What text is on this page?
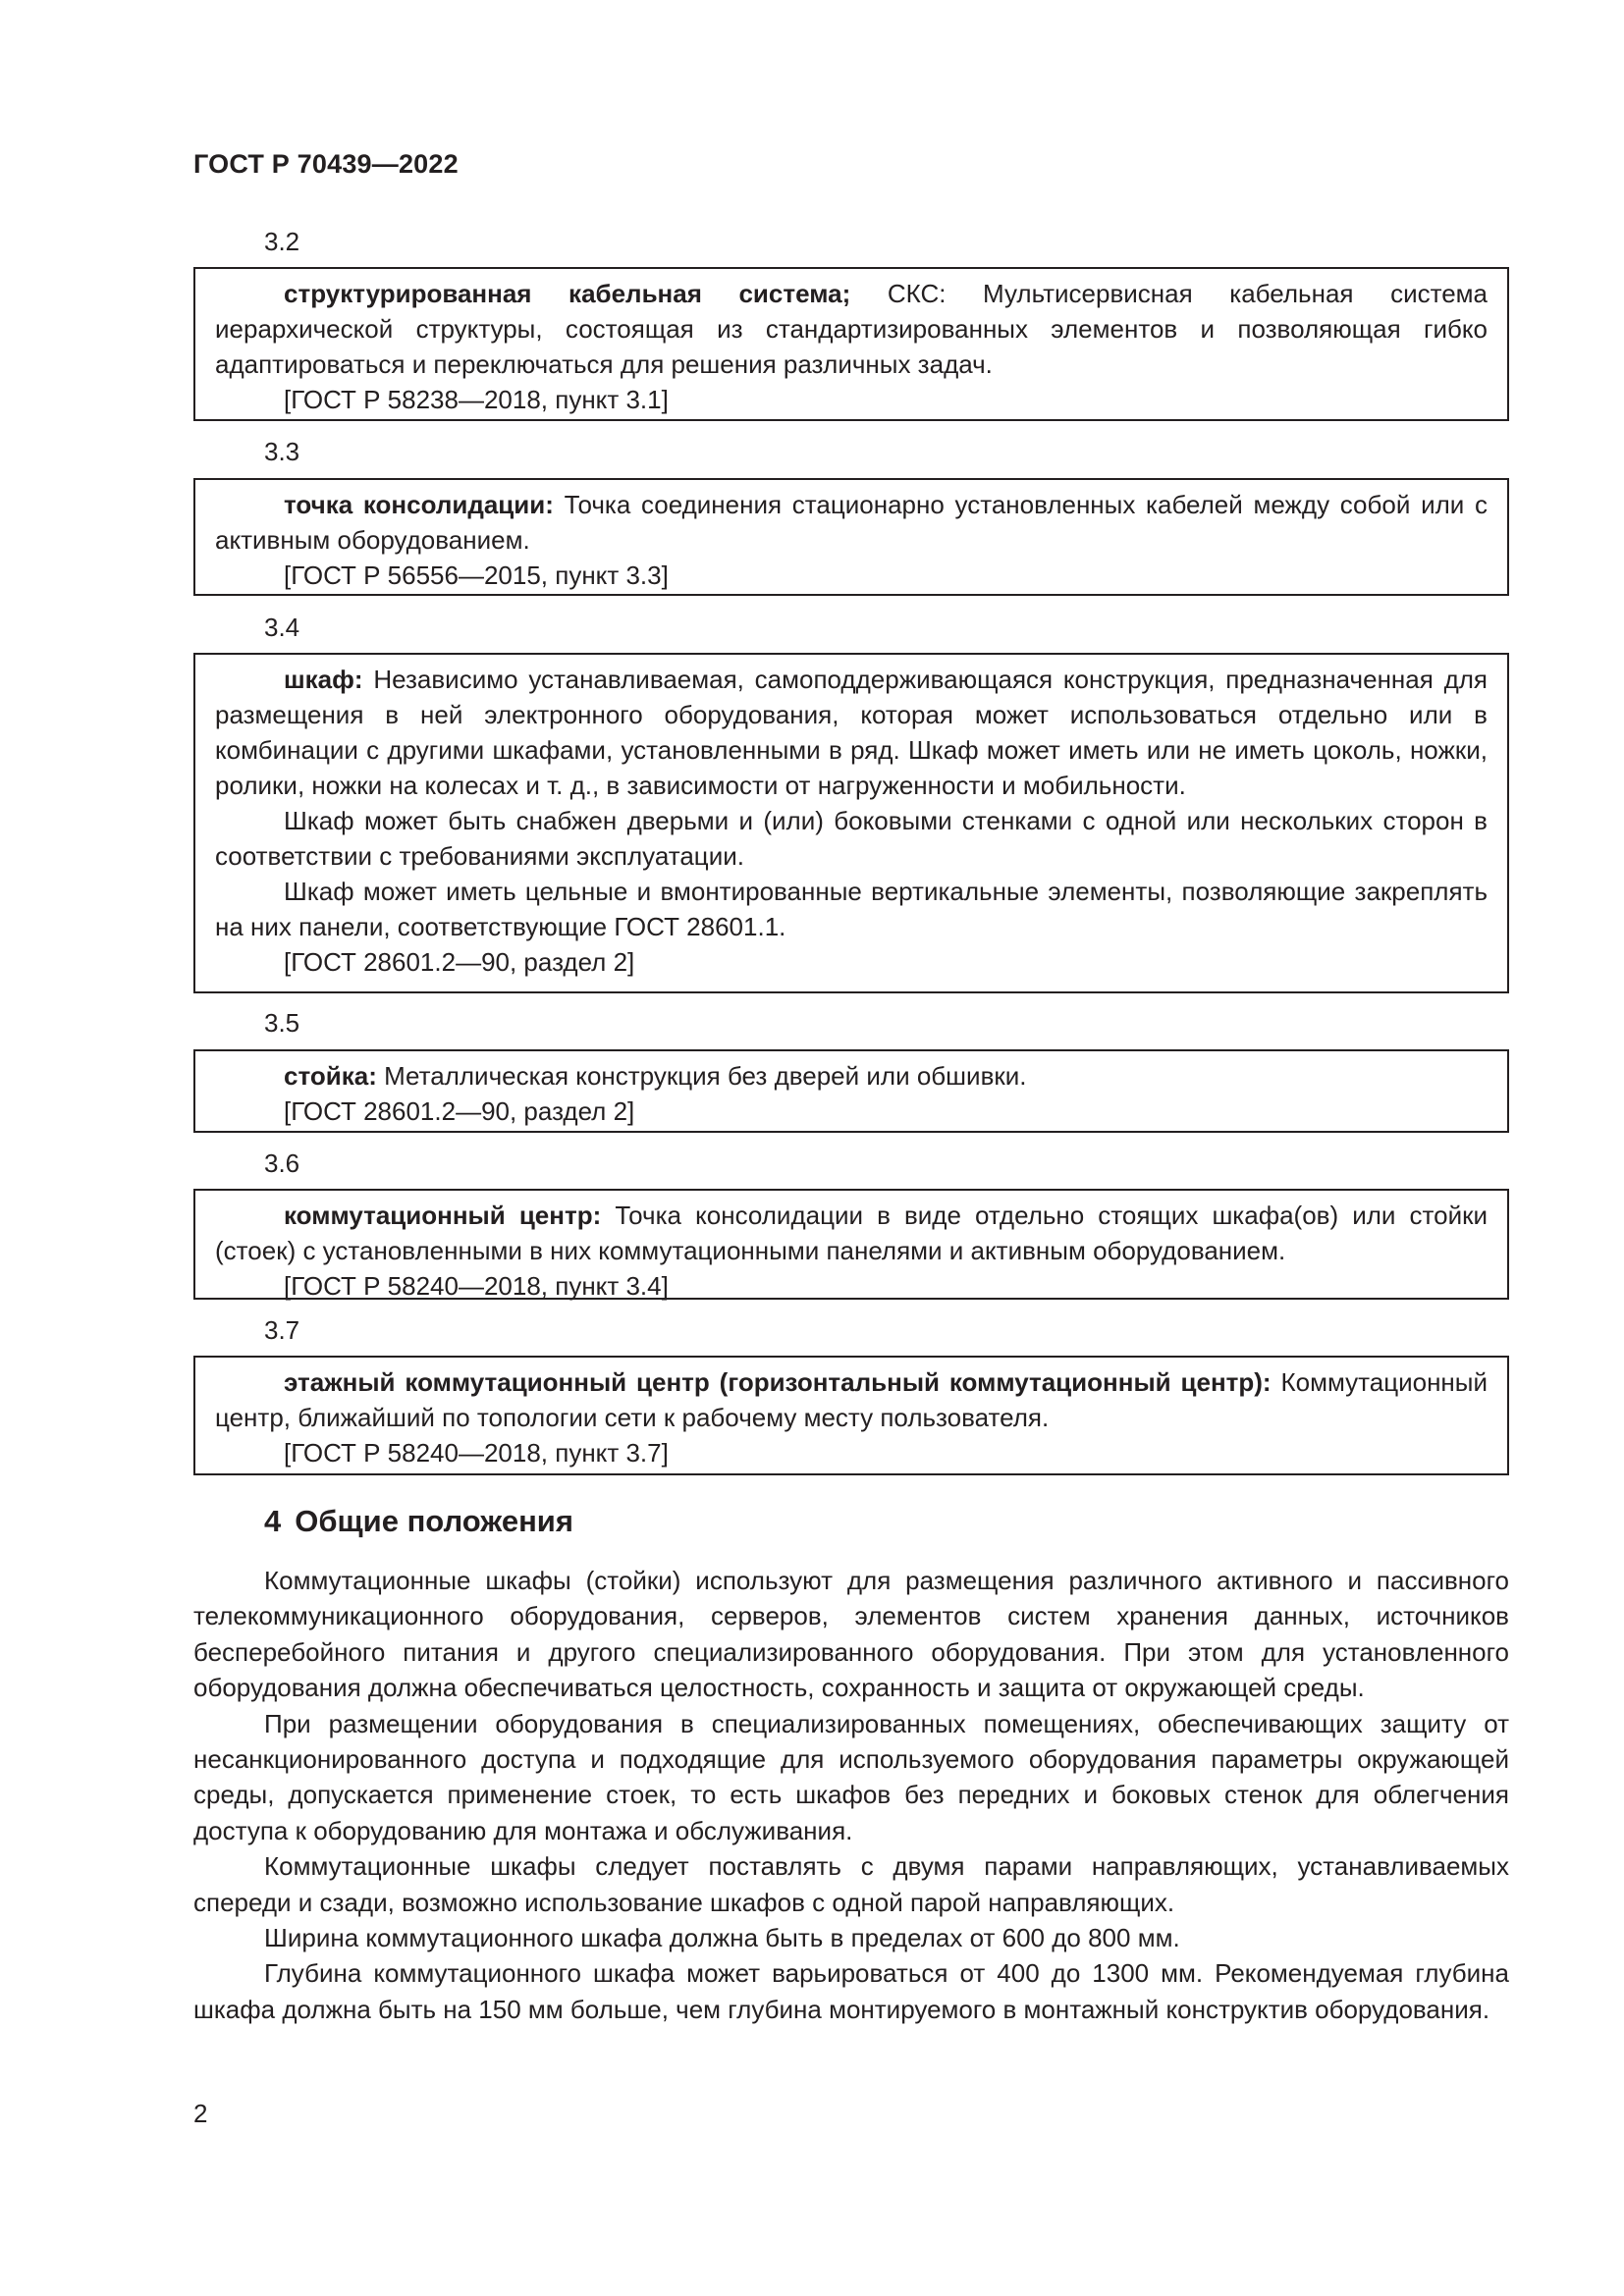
ГОСТ Р 70439—2022
3.2

структурированная кабельная система; СКС: Мультисервисная кабельная система иерархической структуры, состоящая из стандартизированных элементов и позволяющая гибко адаптироваться и переключаться для решения различных задач.

[ГОСТ Р 58238—2018, пункт 3.1]

3.3

точка консолидации: Точка соединения стационарно установленных кабелей между собой или с активным оборудованием.

[ГОСТ Р 56556—2015, пункт 3.3]

3.4

шкаф: Независимо устанавливаемая, самоподдерживающаяся конструкция, предназначенная для размещения в ней электронного оборудования, которая может использоваться отдельно или в комбинации с другими шкафами, установленными в ряд. Шкаф может иметь или не иметь цоколь, ножки, ролики, ножки на колесах и т. д., в зависимости от нагруженности и мобильности.

Шкаф может быть снабжен дверьми и (или) боковыми стенками с одной или нескольких сторон в соответствии с требованиями эксплуатации.

Шкаф может иметь цельные и вмонтированные вертикальные элементы, позволяющие закреплять на них панели, соответствующие ГОСТ 28601.1.

[ГОСТ 28601.2—90, раздел 2]

3.5

стойка: Металлическая конструкция без дверей или обшивки.

[ГОСТ 28601.2—90, раздел 2]

3.6

коммутационный центр: Точка консолидации в виде отдельно стоящих шкафа(ов) или стойки (стоек) с установленными в них коммутационными панелями и активным оборудованием.

[ГОСТ Р 58240—2018, пункт 3.4]

3.7

этажный коммутационный центр (горизонтальный коммутационный центр): Коммутационный центр, ближайший по топологии сети к рабочему месту пользователя.

[ГОСТ Р 58240—2018, пункт 3.7]

4 Общие положения

Коммутационные шкафы (стойки) используют для размещения различного активного и пассивного телекоммуникационного оборудования, серверов, элементов систем хранения данных, источников бесперебойного питания и другого специализированного оборудования. При этом для установленного оборудования должна обеспечиваться целостность, сохранность и защита от окружающей среды.

При размещении оборудования в специализированных помещениях, обеспечивающих защиту от несанкционированного доступа и подходящие для используемого оборудования параметры окружающей среды, допускается применение стоек, то есть шкафов без передних и боковых стенок для облегчения доступа к оборудованию для монтажа и обслуживания.

Коммутационные шкафы следует поставлять с двумя парами направляющих, устанавливаемых спереди и сзади, возможно использование шкафов с одной парой направляющих.

Ширина коммутационного шкафа должна быть в пределах от 600 до 800 мм.

Глубина коммутационного шкафа может варьироваться от 400 до 1300 мм. Рекомендуемая глубина шкафа должна быть на 150 мм больше, чем глубина монтируемого в монтажный конструктив оборудования.

2
